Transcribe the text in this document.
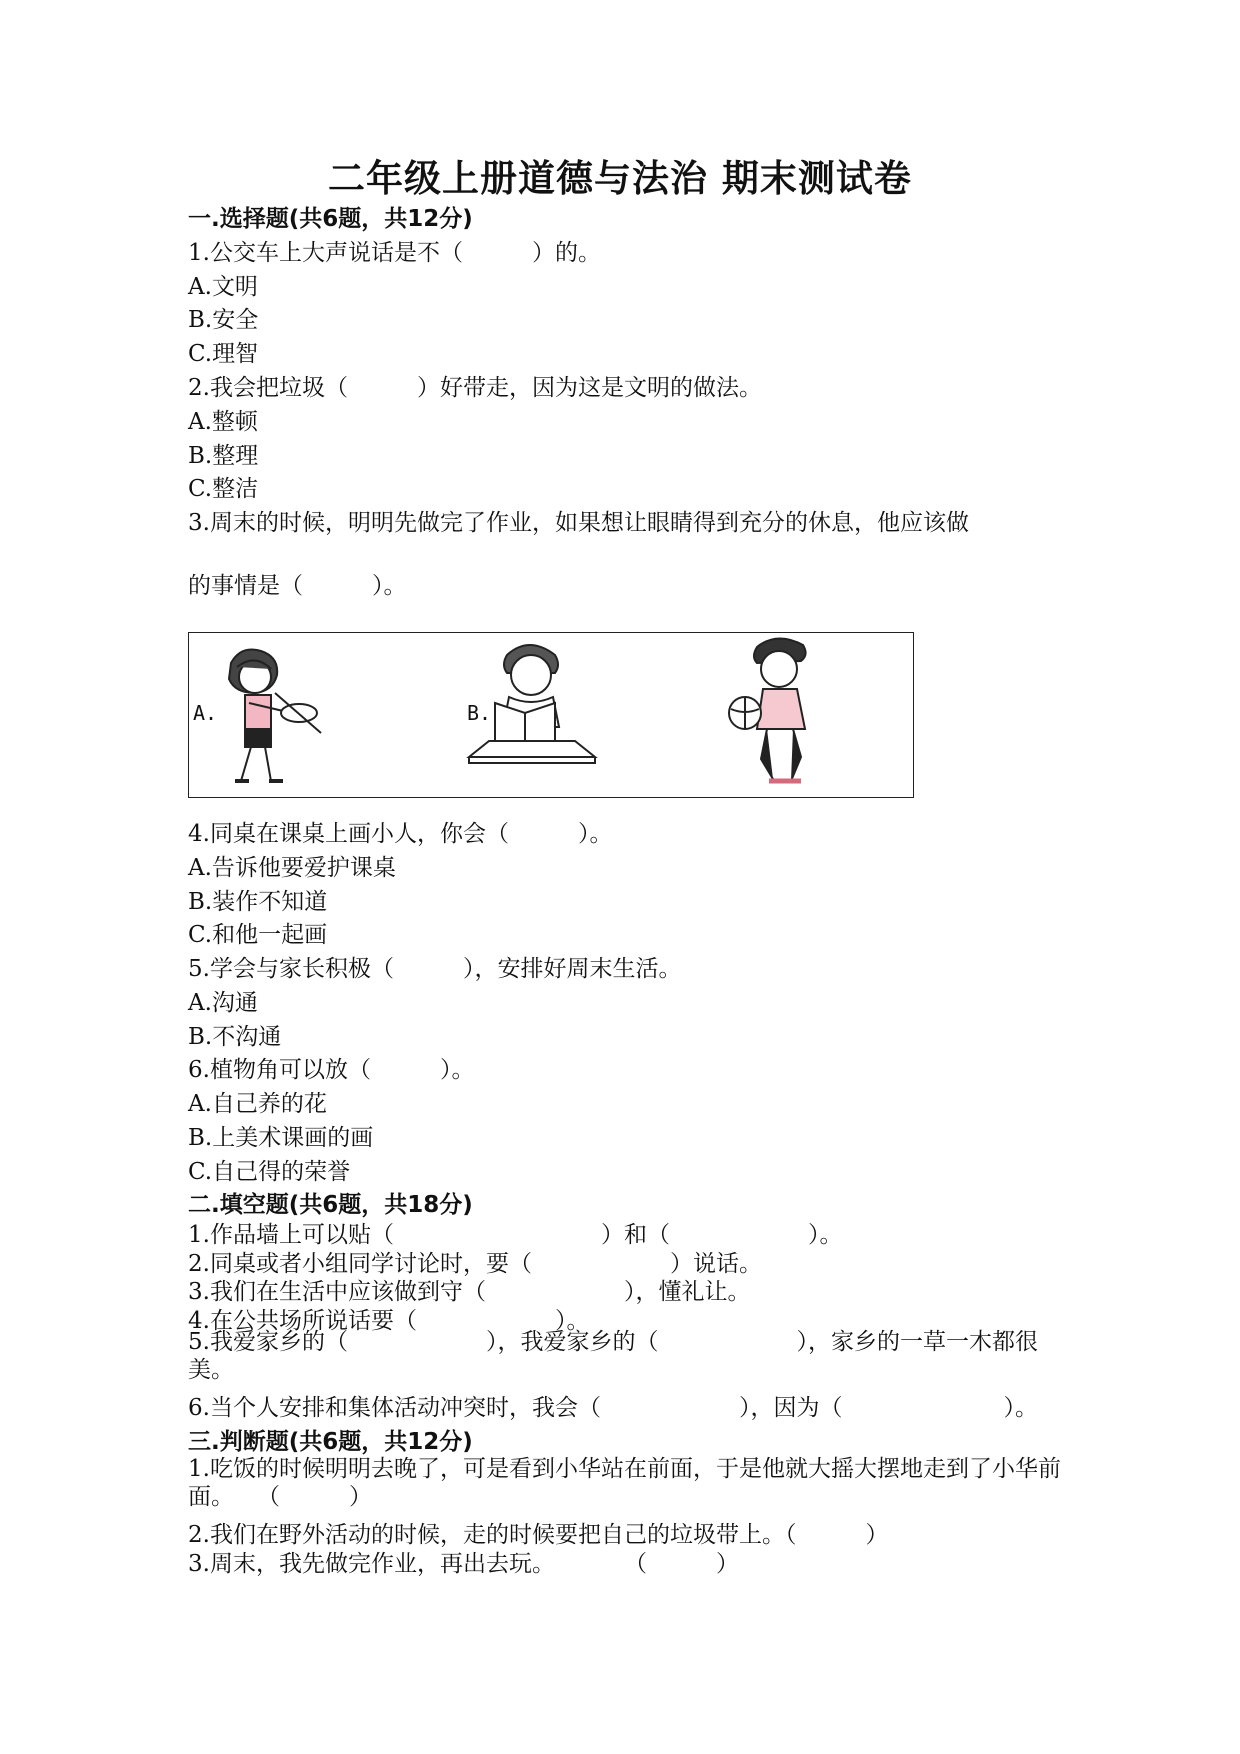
二年级上册道德与法治 期末测试卷
一.选择题(共6题，共12分)
1.公交车上大声说话是不（　　　）的。
A.文明
B.安全
C.理智
2.我会把垃圾（　　　）好带走，因为这是文明的做法。
A.整顿
B.整理
C.整洁
3.周末的时候，明明先做完了作业，如果想让眼睛得到充分的休息，他应该做
的事情是（　　　）。
A.	B.
4.同桌在课桌上画小人，你会（　　　）。
A.告诉他要爱护课桌
B.装作不知道
C.和他一起画
5.学会与家长积极（　　　），安排好周末生活。
A.沟通
B.不沟通
6.植物角可以放（　　　）。
A.自己养的花
B.上美术课画的画
C.自己得的荣誉
二.填空题(共6题，共18分)
1.作品墙上可以贴（　　　　　　　　　）和（　　　　　　）。
2.同桌或者小组同学讨论时，要（　　　　　　）说话。
3.我们在生活中应该做到守（　　　　　　），懂礼让。
4.在公共场所说话要（　　　　　　）。
5.我爱家乡的（　　　　　　），我爱家乡的（　　　　　　），家乡的一草一木都很美。
6.当个人安排和集体活动冲突时，我会（　　　　　　），因为（　　　　　　　）。
三.判断题(共6题，共12分)
1.吃饭的时候明明去晚了，可是看到小华站在前面，于是他就大摇大摆地走到了小华前面。　　（　　　）
2.我们在野外活动的时候，走的时候要把自己的垃圾带上。（　　　）
3.周末，我先做完作业，再出去玩。　　　　（　　　）
